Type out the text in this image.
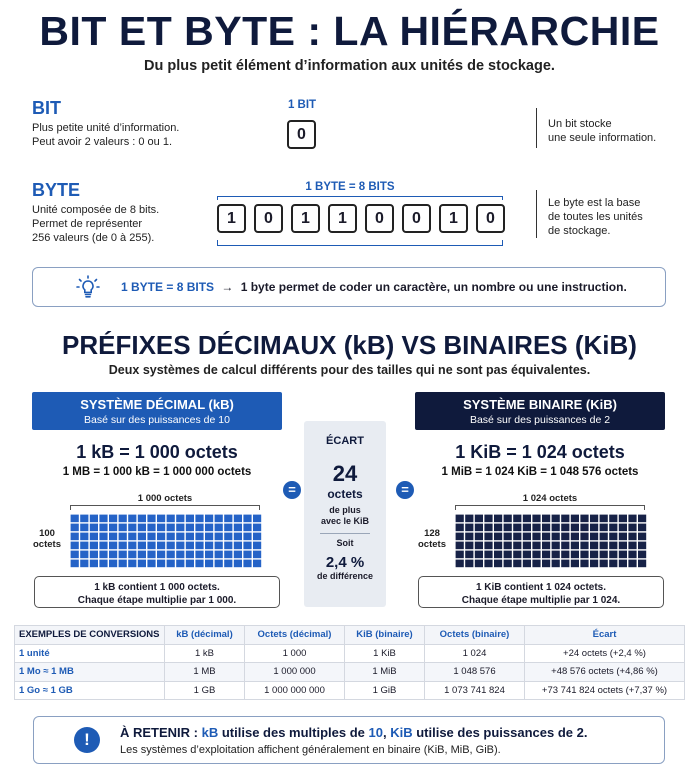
BIT ET BYTE : LA HIÉRARCHIE
Du plus petit élément d’information aux unités de stockage.
BIT
Plus petite unité d’information.
Peut avoir 2 valeurs : 0 ou 1.
1 BIT
0
Un bit stocke
une seule information.
BYTE
Unité composée de 8 bits.
Permet de représenter
256 valeurs (de 0 à 255).
1 BYTE = 8 BITS
1	0	1	1	0	0	1	0
Le byte est la base
de toutes les unités
de stockage.
1 BYTE = 8 BITS → 1 byte permet de coder un caractère, un nombre ou une instruction.
PRÉFIXES DÉCIMAUX (kB) VS BINAIRES (KiB)
Deux systèmes de calcul différents pour des tailles qui ne sont pas équivalentes.
SYSTÈME DÉCIMAL (kB)
Basé sur des puissances de 10
1 kB = 1 000 octets
1 MB = 1 000 kB = 1 000 000 octets
1 000 octets
100
octets
1 kB contient 1 000 octets.
Chaque étape multiplie par 1 000.
=
ÉCART
24
octets
de plus
avec le KiB
Soit
2,4 %
de différence
=
SYSTÈME BINAIRE (KiB)
Basé sur des puissances de 2
1 KiB = 1 024 octets
1 MiB = 1 024 KiB = 1 048 576 octets
1 024 octets
128
octets
1 KiB contient 1 024 octets.
Chaque étape multiplie par 1 024.
EXEMPLES DE CONVERSIONS	kB (décimal)	Octets (décimal)	KiB (binaire)	Octets (binaire)	Écart
1 unité	1 kB	1 000	1 KiB	1 024	+24 octets (+2,4 %)
1 Mo ≈ 1 MB	1 MB	1 000 000	1 MiB	1 048 576	+48 576 octets (+4,86 %)
1 Go ≈ 1 GB	1 GB	1 000 000 000	1 GiB	1 073 741 824	+73 741 824 octets (+7,37 %)
!	À RETENIR : kB utilise des multiples de 10, KiB utilise des puissances de 2.
Les systèmes d’exploitation affichent généralement en binaire (KiB, MiB, GiB).
